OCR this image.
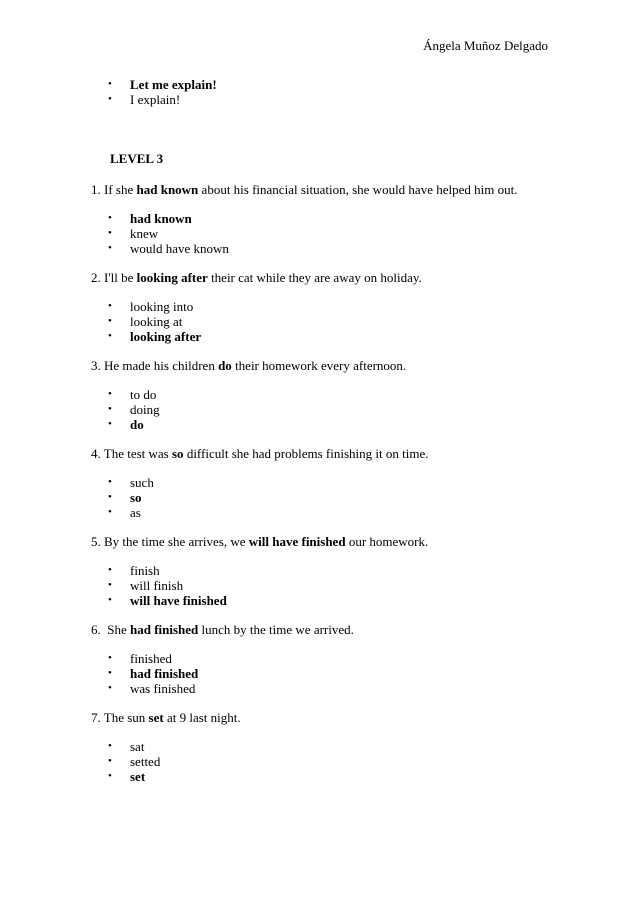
Ángela Muñoz Delgado
• Let me explain!
• I explain!
LEVEL 3
1. If she had known about his financial situation, she would have helped him out.
• had known
• knew
• would have known
2. I'll be looking after their cat while they are away on holiday.
• looking into
• looking at
• looking after
3. He made his children do their homework every afternoon.
• to do
• doing
• do
4. The test was so difficult she had problems finishing it on time.
• such
• so
• as
5. By the time she arrives, we will have finished our homework.
• finish
• will finish
• will have finished
6.  She had finished lunch by the time we arrived.
• finished
• had finished
• was finished
7. The sun set at 9 last night.
• sat
• setted
• set
